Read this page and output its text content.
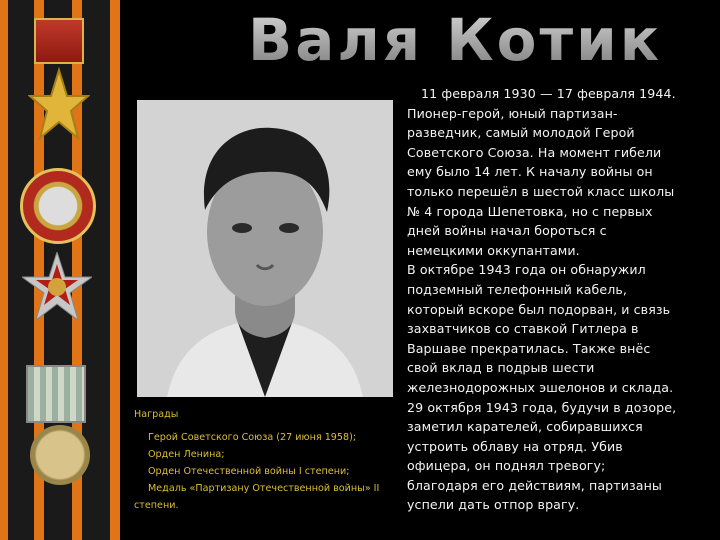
Валя Котик
Награды
Герой Советского Союза (27 июня 1958);
Орден Ленина;
Орден Отечественной войны I степени;
Медаль «Партизану Отечественной войны» II
степени.
11 февраля 1930 — 17 февраля 1944.
Пионер-герой, юный партизан-
разведчик, самый молодой Герой
Советского Союза. На момент гибели
ему было 14 лет. К началу войны он
только перешёл в шестой класс школы
№ 4 города Шепетовка, но с первых
дней войны начал бороться с
немецкими оккупантами.
В октябре 1943 года он обнаружил
подземный телефонный кабель,
который вскоре был подорван, и связь
захватчиков со ставкой Гитлера в
Варшаве прекратилась. Также внёс
свой вклад в подрыв шести
железнодорожных эшелонов и склада.
29 октября 1943 года, будучи в дозоре,
заметил карателей, собиравшихся
устроить облаву на отряд. Убив
офицера, он поднял тревогу;
благодаря его действиям, партизаны
успели дать отпор врагу.
